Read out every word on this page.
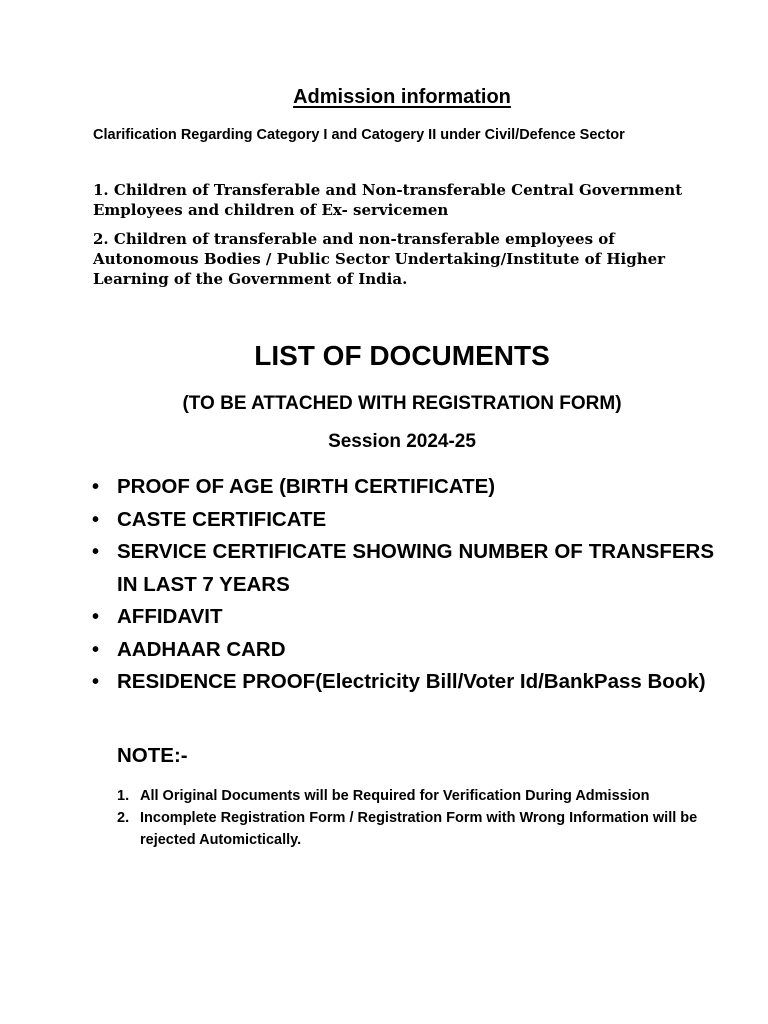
Admission information
Clarification Regarding Category I and Catogery II under Civil/Defence Sector
1. Children of Transferable and Non-transferable Central Government Employees and children of Ex- servicemen
2. Children of transferable and non-transferable employees of Autonomous Bodies / Public Sector Undertaking/Institute of Higher Learning of the Government of India.
LIST OF DOCUMENTS
(TO BE ATTACHED WITH REGISTRATION FORM)
Session 2024-25
• PROOF OF AGE (BIRTH CERTIFICATE)
• CASTE CERTIFICATE
• SERVICE CERTIFICATE SHOWING NUMBER OF TRANSFERS IN LAST 7 YEARS
• AFFIDAVIT
• AADHAAR CARD
• RESIDENCE PROOF(Electricity Bill/Voter Id/BankPass Book)
NOTE:-
1. All Original Documents will be Required for Verification During Admission
2. Incomplete Registration Form / Registration Form with Wrong Information will be rejected Automictically.
